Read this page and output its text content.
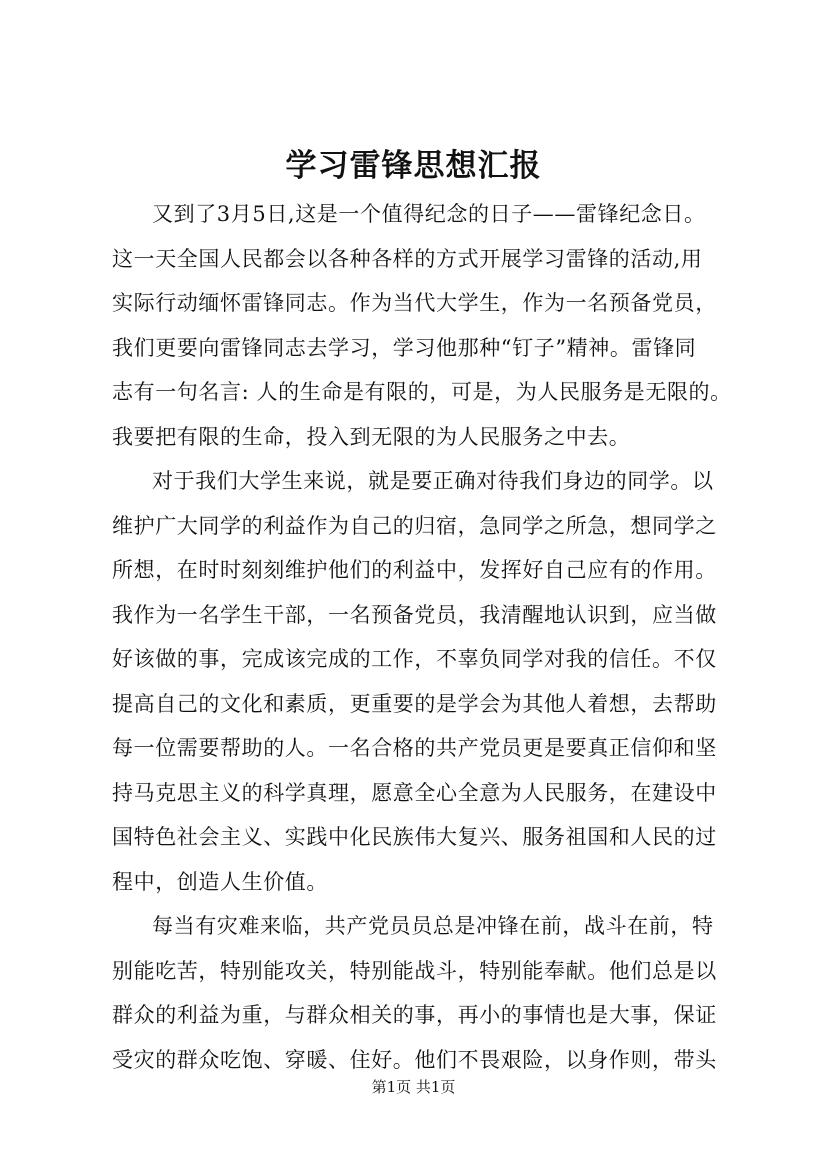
学习雷锋思想汇报
又到了3月5日,这是一个值得纪念的日子——雷锋纪念日。
这一天全国人民都会以各种各样的方式开展学习雷锋的活动,用
实际行动缅怀雷锋同志。作为当代大学生，作为一名预备党员，
我们更要向雷锋同志去学习，学习他那种“钉子”精神。雷锋同
志有一句名言: 人的生命是有限的，可是，为人民服务是无限的。
我要把有限的生命，投入到无限的为人民服务之中去。
对于我们大学生来说，就是要正确对待我们身边的同学。以
维护广大同学的利益作为自己的归宿，急同学之所急，想同学之
所想，在时时刻刻维护他们的利益中，发挥好自己应有的作用。
我作为一名学生干部，一名预备党员，我清醒地认识到，应当做
好该做的事，完成该完成的工作，不辜负同学对我的信任。不仅
提高自己的文化和素质，更重要的是学会为其他人着想，去帮助
每一位需要帮助的人。一名合格的共产党员更是要真正信仰和坚
持马克思主义的科学真理，愿意全心全意为人民服务，在建设中
国特色社会主义、实践中化民族伟大复兴、服务祖国和人民的过
程中，创造人生价值。
每当有灾难来临，共产党员员总是冲锋在前，战斗在前，特
别能吃苦，特别能攻关，特别能战斗，特别能奉献。他们总是以
群众的利益为重，与群众相关的事，再小的事情也是大事，保证
受灾的群众吃饱、穿暖、住好。他们不畏艰险，以身作则，带头
第1页 共1页
